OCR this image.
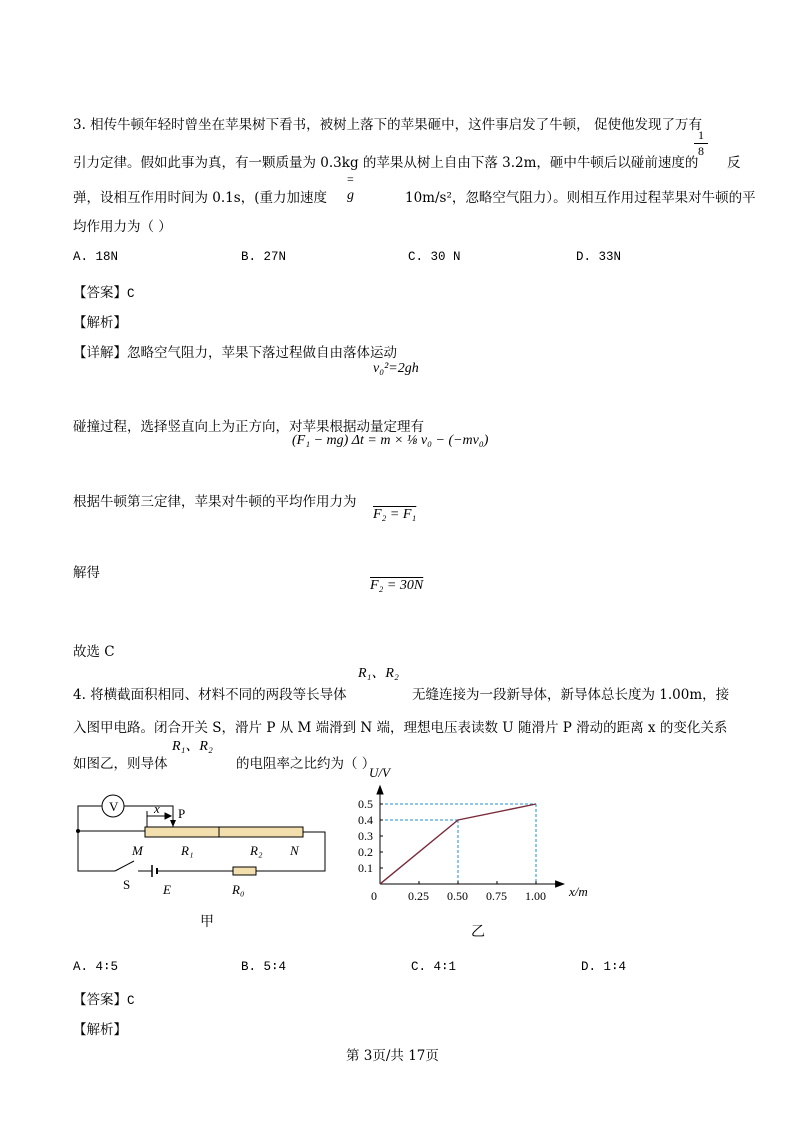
3. 相传牛顿年轻时曾坐在苹果树下看书，被树上落下的苹果砸中，这件事启发了牛顿， 促使他发现了万有
引力定律。假如此事为真，有一颗质量为 0.3kg 的苹果从树上自由下落 3.2m，砸中牛顿后以碰前速度的
1
8
反
弹，设相互作用时间为 0.1s，(重力加速度
=
g	10m/s²，忽略空气阻力）。则相互作用过程苹果对牛顿的平
均作用力为（ ）
A. 18N	B. 27N	C. 30 N	D. 33N
【答案】C
【解析】
【详解】忽略空气阻力，苹果下落过程做自由落体运动
v₀²=2gh
碰撞过程，选择竖直向上为正方向，对苹果根据动量定理有
(F₁ − mg) Δt = m × ⅛ v₀ − (−mv₀)
根据牛顿第三定律，苹果对牛顿的平均作用力为
F₂ = F₁
解得
F₂ = 30N
故选 C
R₁、R₂
4. 将横截面积相同、材料不同的两段等长导体	无缝连接为一段新导体，新导体总长度为 1.00m，接
入图甲电路。闭合开关 S，滑片 P 从 M 端滑到 N 端，理想电压表读数 U 随滑片 P 滑动的距离 x 的变化关系
R₁、R₂
如图乙，则导体	的电阻率之比约为（ ）
V	x P
M	R₁	R₂ N
S	E	R₀
甲
0	0.25 0.50 0.75 1.00
0.1
0.2
0.3
0.4
0.5
U/V
x/m
乙
A. 4∶5	B. 5∶4	C. 4∶1	D. 1∶4
【答案】C
【解析】
第 3页/共 17页
